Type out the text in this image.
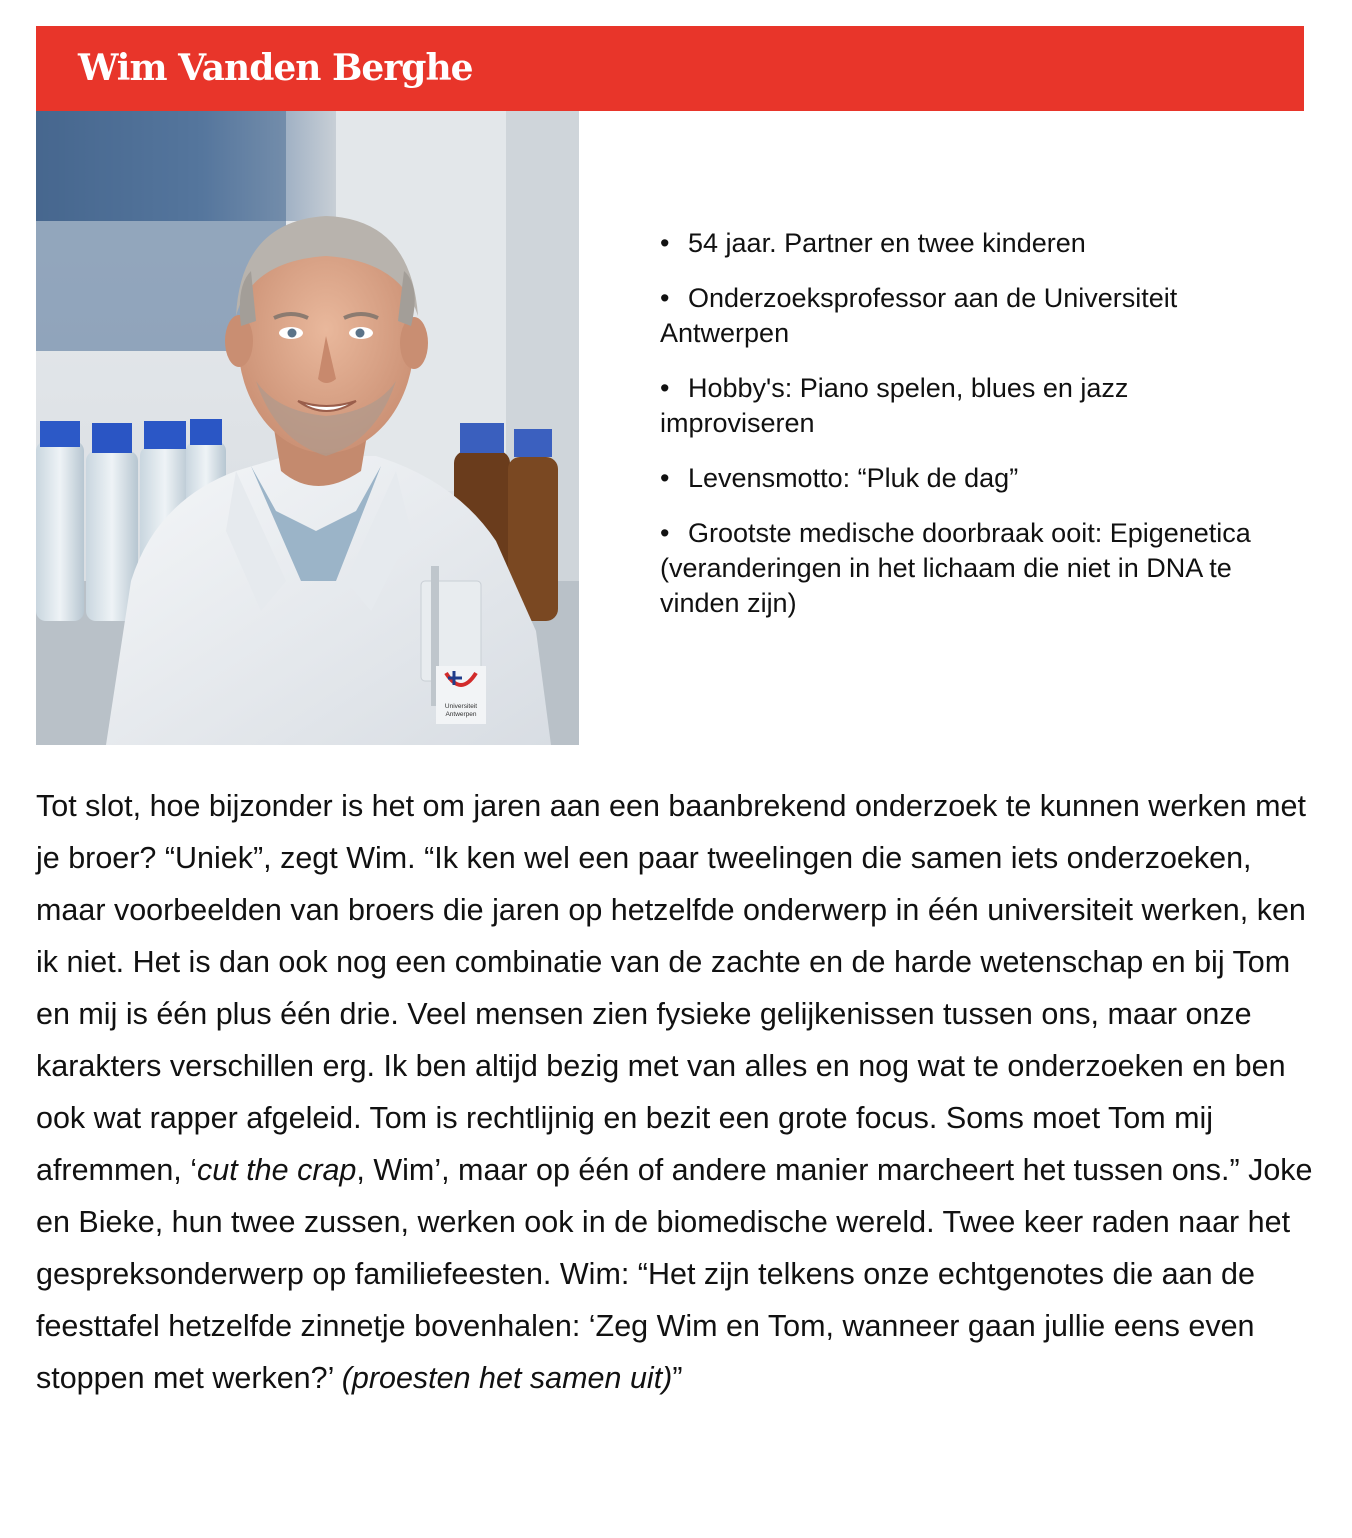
Wim Vanden Berghe
Universiteit
Antwerpen
• 54 jaar. Partner en twee kinderen
• Onderzoeksprofessor aan de Universiteit Antwerpen
• Hobby's: Piano spelen, blues en jazz improviseren
• Levensmotto: “Pluk de dag”
• Grootste medische doorbraak ooit: Epigenetica (veranderingen in het lichaam die niet in DNA te vinden zijn)

Tot slot, hoe bijzonder is het om jaren aan een baanbrekend onderzoek te kunnen werken met je broer? “Uniek”, zegt Wim. “Ik ken wel een paar tweelingen die samen iets onderzoeken, maar voorbeelden van broers die jaren op hetzelfde onderwerp in één universiteit werken, ken ik niet. Het is dan ook nog een combinatie van de zachte en de harde wetenschap en bij Tom en mij is één plus één drie. Veel mensen zien fysieke gelijkenissen tussen ons, maar onze karakters verschillen erg. Ik ben altijd bezig met van alles en nog wat te onderzoeken en ben ook wat rapper afgeleid. Tom is rechtlijnig en bezit een grote focus. Soms moet Tom mij afremmen, ‘cut the crap, Wim’, maar op één of andere manier marcheert het tussen ons.” Joke en Bieke, hun twee zussen, werken ook in de biomedische wereld. Twee keer raden naar het gespreksonderwerp op familiefeesten. Wim: “Het zijn telkens onze echtgenotes die aan de feesttafel hetzelfde zinnetje bovenhalen: ‘Zeg Wim en Tom, wanneer gaan jullie eens even stoppen met werken?’ (proesten het samen uit)”
